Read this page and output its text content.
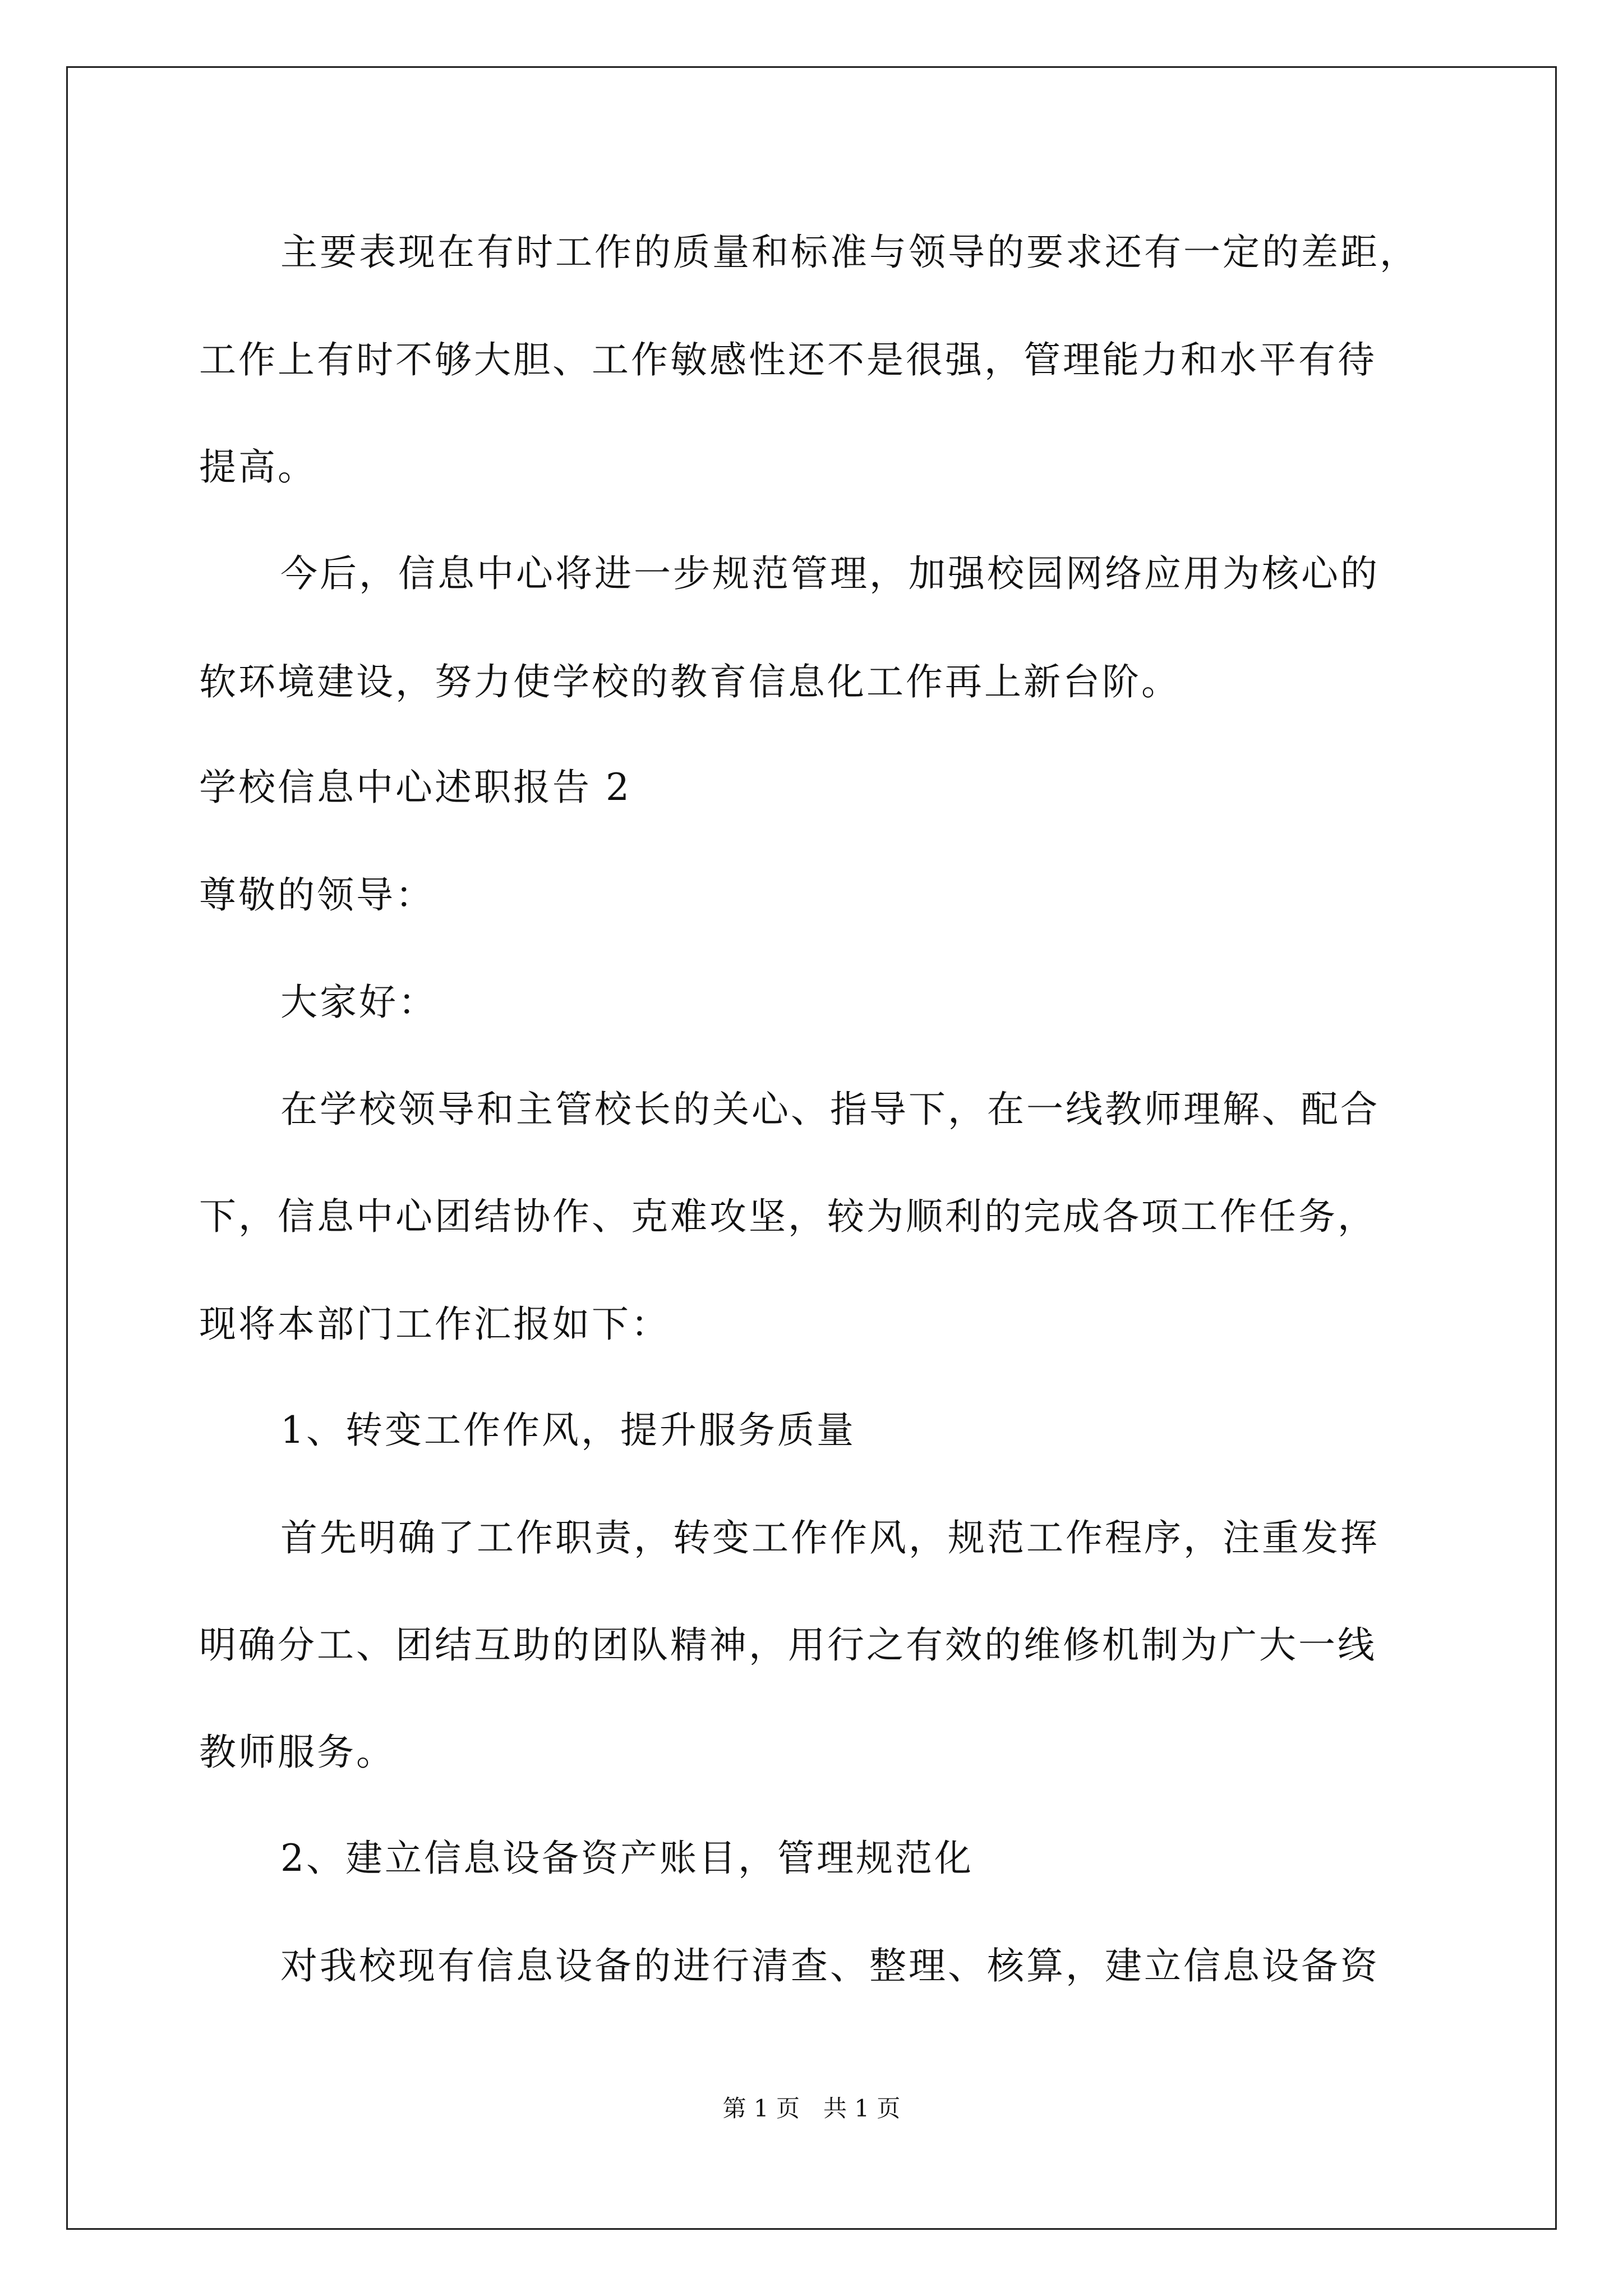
主要表现在有时工作的质量和标准与领导的要求还有一定的差距，

工作上有时不够大胆、工作敏感性还不是很强，管理能力和水平有待

提高。

今后，信息中心将进一步规范管理，加强校园网络应用为核心的

软环境建设，努力使学校的教育信息化工作再上新台阶。

学校信息中心述职报告 2

尊敬的领导：

大家好：

在学校领导和主管校长的关心、指导下，在一线教师理解、配合

下，信息中心团结协作、克难攻坚，较为顺利的完成各项工作任务，

现将本部门工作汇报如下：

1、转变工作作风，提升服务质量

首先明确了工作职责，转变工作作风，规范工作程序，注重发挥

明确分工、团结互助的团队精神，用行之有效的维修机制为广大一线

教师服务。

2、建立信息设备资产账目，管理规范化

对我校现有信息设备的进行清查、整理、核算，建立信息设备资

第 1 页　共 1 页
